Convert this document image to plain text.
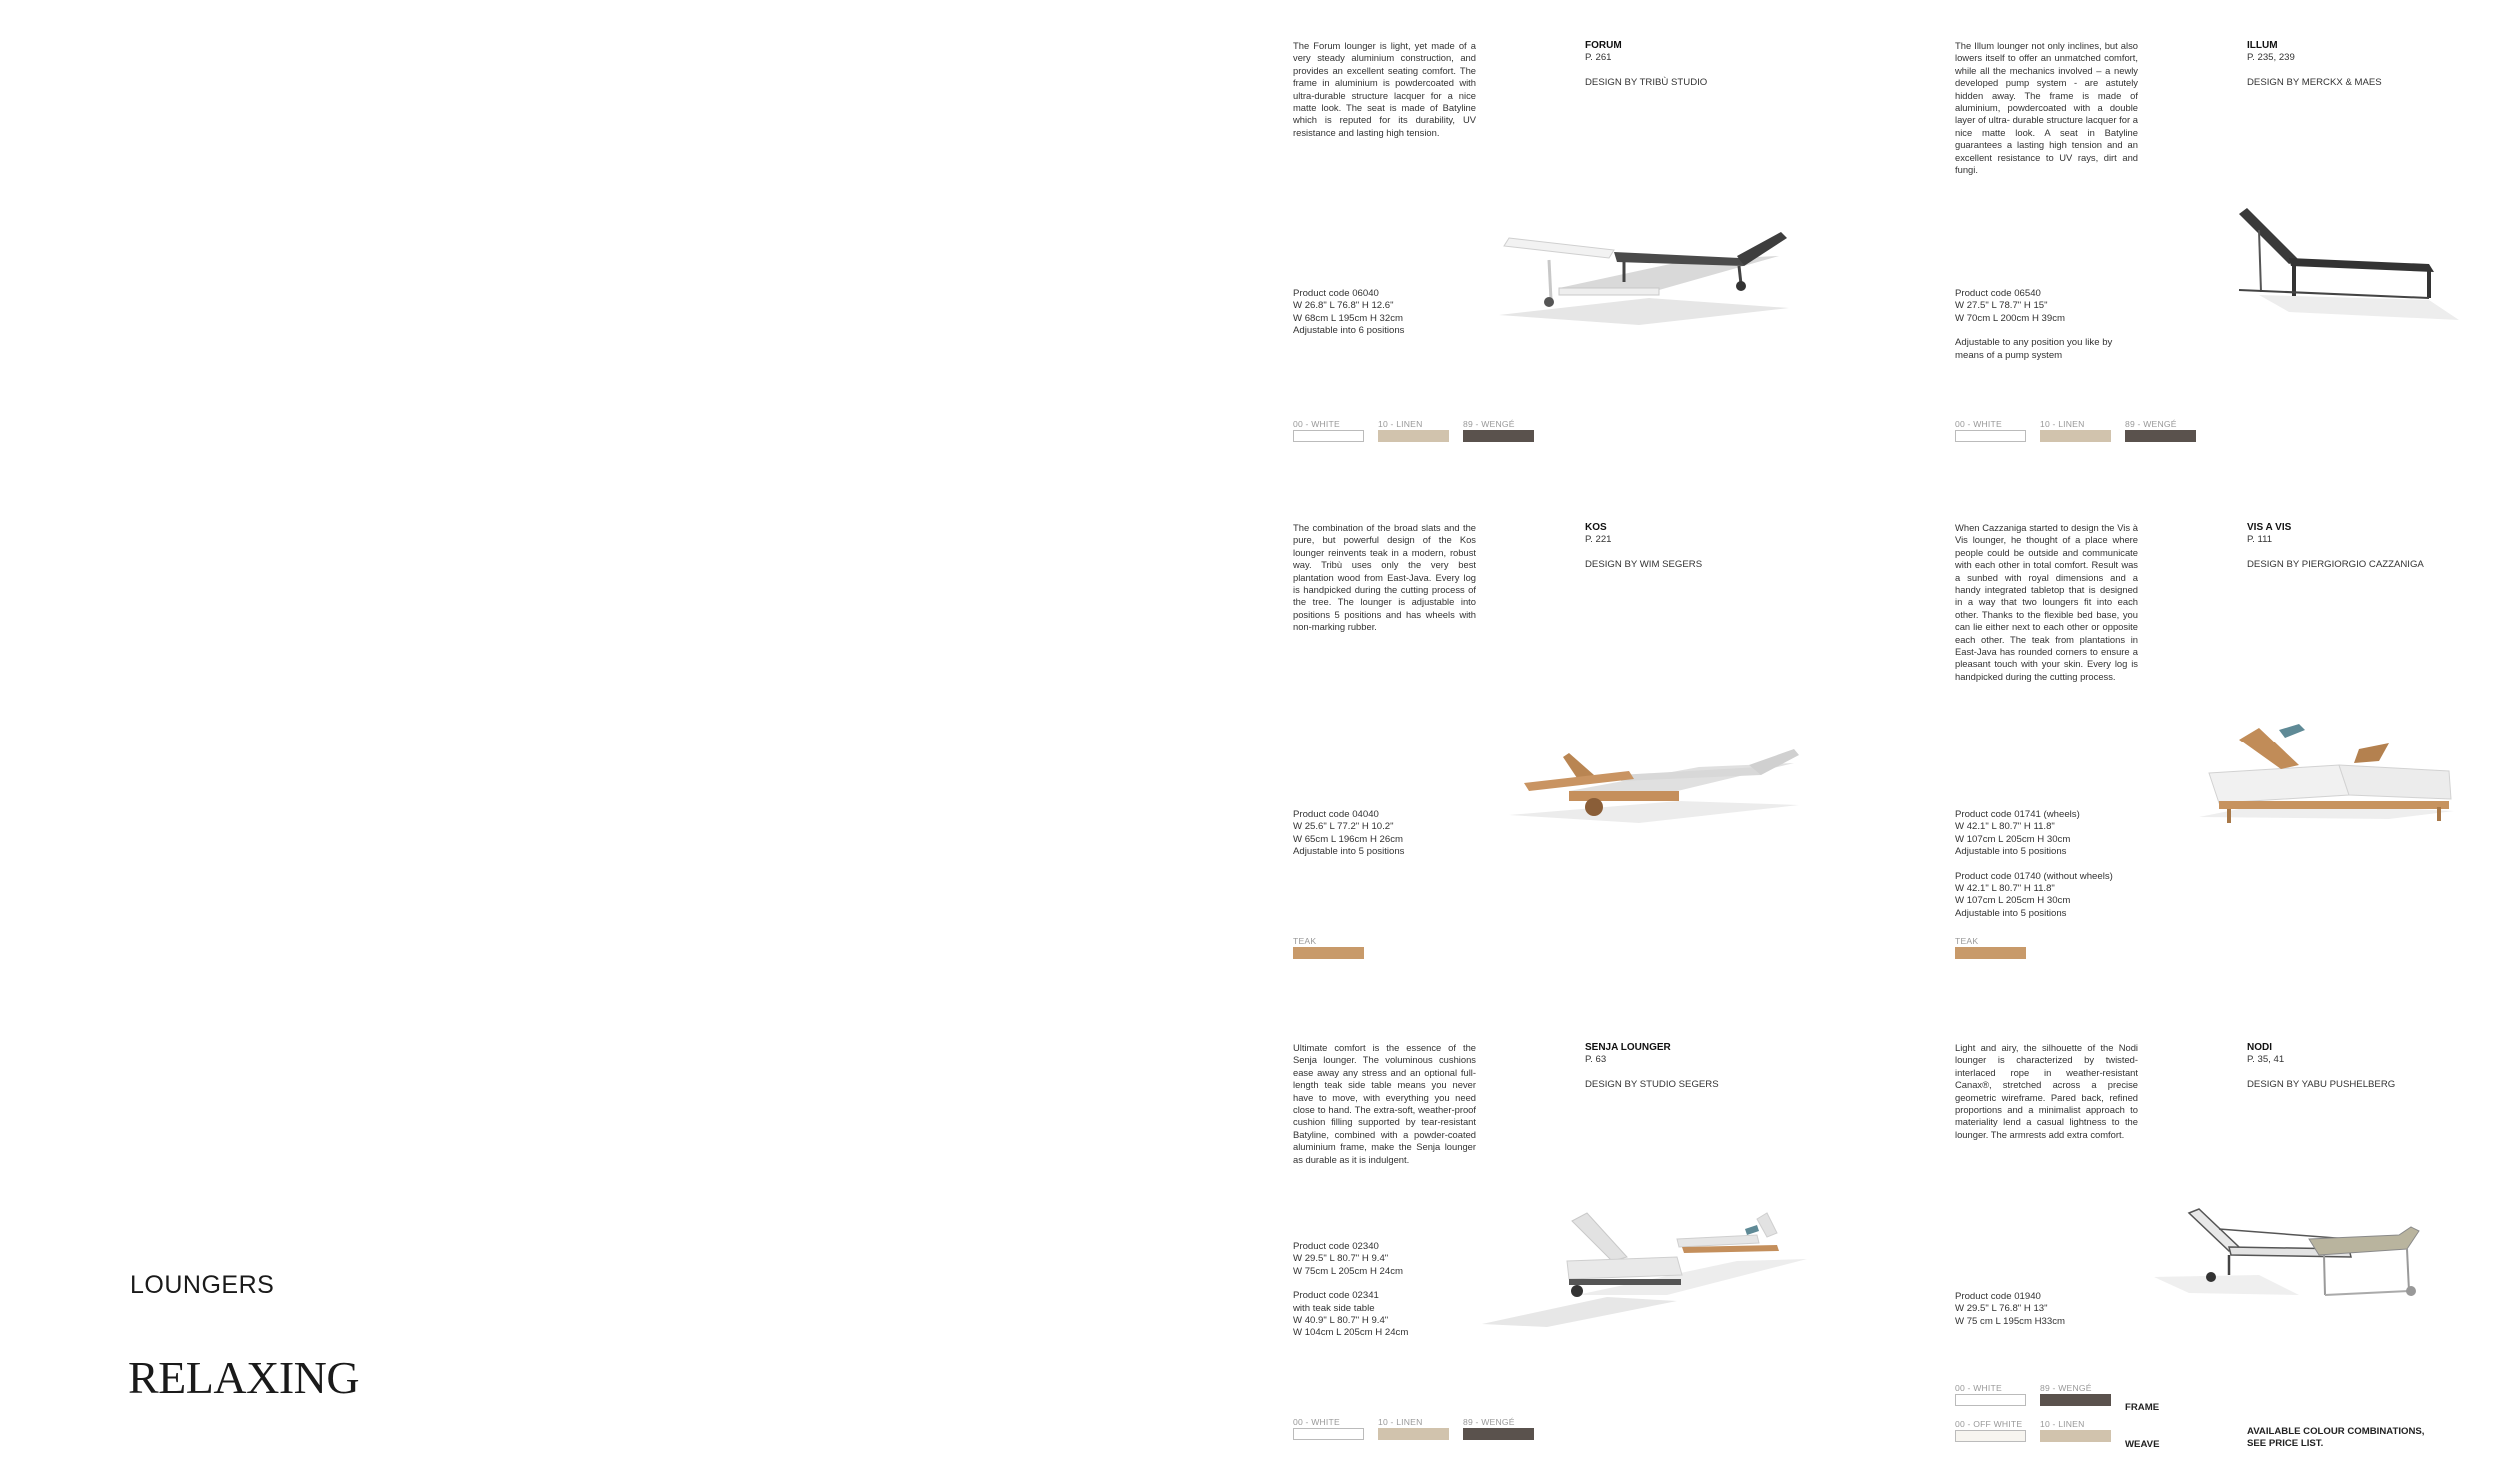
LOUNGERS
RELAXING

The Forum lounger is light, yet made of a very steady aluminium construction, and provides an excellent seating comfort. The frame in aluminium is powdercoated with ultra-durable structure lacquer for a nice matte look. The seat is made of Batyline which is reputed for its durability, UV resistance and lasting high tension.

FORUM
P. 261
DESIGN BY TRIBÙ STUDIO
Product code 06040
W 26.8" L 76.8" H 12.6"
W 68cm L 195cm H 32cm
Adjustable into 6 positions
00 - WHITE	10 - LINEN	89 - WENGÉ

The Illum lounger not only inclines, but also lowers itself to offer an unmatched comfort, while all the mechanics involved – a newly developed pump system - are astutely hidden away. The frame is made of aluminium, powdercoated with a double layer of ultra- durable structure lacquer for a nice matte look. A seat in Batyline guarantees a lasting high tension and an excellent resistance to UV rays, dirt and fungi.

ILLUM
P. 235, 239
DESIGN BY MERCKX & MAES
Product code 06540
W 27.5" L 78.7" H 15"
W 70cm L 200cm H 39cm
Adjustable to any position you like by
means of a pump system
00 - WHITE	10 - LINEN	89 - WENGÉ

The combination of the broad slats and the pure, but powerful design of the Kos lounger reinvents teak in a modern, robust way. Tribù uses only the very best plantation wood from East-Java. Every log is handpicked during the cutting process of the tree. The lounger is adjustable into positions 5 positions and has wheels with non-marking rubber.

KOS
P. 221
DESIGN BY WIM SEGERS
Product code 04040
W 25.6" L 77.2" H 10.2"
W 65cm L 196cm H 26cm
Adjustable into 5 positions
TEAK

When Cazzaniga started to design the Vis à Vis lounger, he thought of a place where people could be outside and communicate with each other in total comfort. Result was a sunbed with royal dimensions and a handy integrated tabletop that is designed in a way that two loungers fit into each other. Thanks to the flexible bed base, you can lie either next to each other or opposite each other. The teak from plantations in East-Java has rounded corners to ensure a pleasant touch with your skin. Every log is handpicked during the cutting process.

VIS A VIS
P. 111
DESIGN BY PIERGIORGIO CAZZANIGA
Product code 01741 (wheels)
W 42.1" L 80.7" H 11.8"
W 107cm L 205cm H 30cm
Adjustable into 5 positions
Product code 01740 (without wheels)
W 42.1" L 80.7" H 11.8"
W 107cm L 205cm H 30cm
Adjustable into 5 positions
TEAK

Ultimate comfort is the essence of the Senja lounger. The voluminous cushions ease away any stress and an optional full-length teak side table means you never have to move, with everything you need close to hand. The extra-soft, weather-proof cushion filling supported by tear-resistant Batyline, combined with a powder-coated aluminium frame, make the Senja lounger as durable as it is indulgent.

SENJA LOUNGER
P. 63
DESIGN BY STUDIO SEGERS
Product code 02340
W 29.5" L 80.7" H 9.4"
W 75cm L 205cm H 24cm
Product code 02341
with teak side table
W 40.9" L 80.7" H 9.4"
W 104cm L 205cm H 24cm
00 - WHITE	10 - LINEN	89 - WENGÉ

Light and airy, the silhouette of the Nodi lounger is characterized by twisted-interlaced rope in weather-resistant Canax®, stretched across a precise geometric wireframe. Pared back, refined proportions and a minimalist approach to materiality lend a casual lightness to the lounger. The armrests add extra comfort.

NODI
P. 35, 41
DESIGN BY YABU PUSHELBERG
Product code 01940
W 29.5" L 76.8" H 13"
W 75 cm L 195cm H33cm
00 - WHITE	89 - WENGÉ
FRAME
00 - OFF WHITE	10 - LINEN
WEAVE
AVAILABLE COLOUR COMBINATIONS,
SEE PRICE LIST.
